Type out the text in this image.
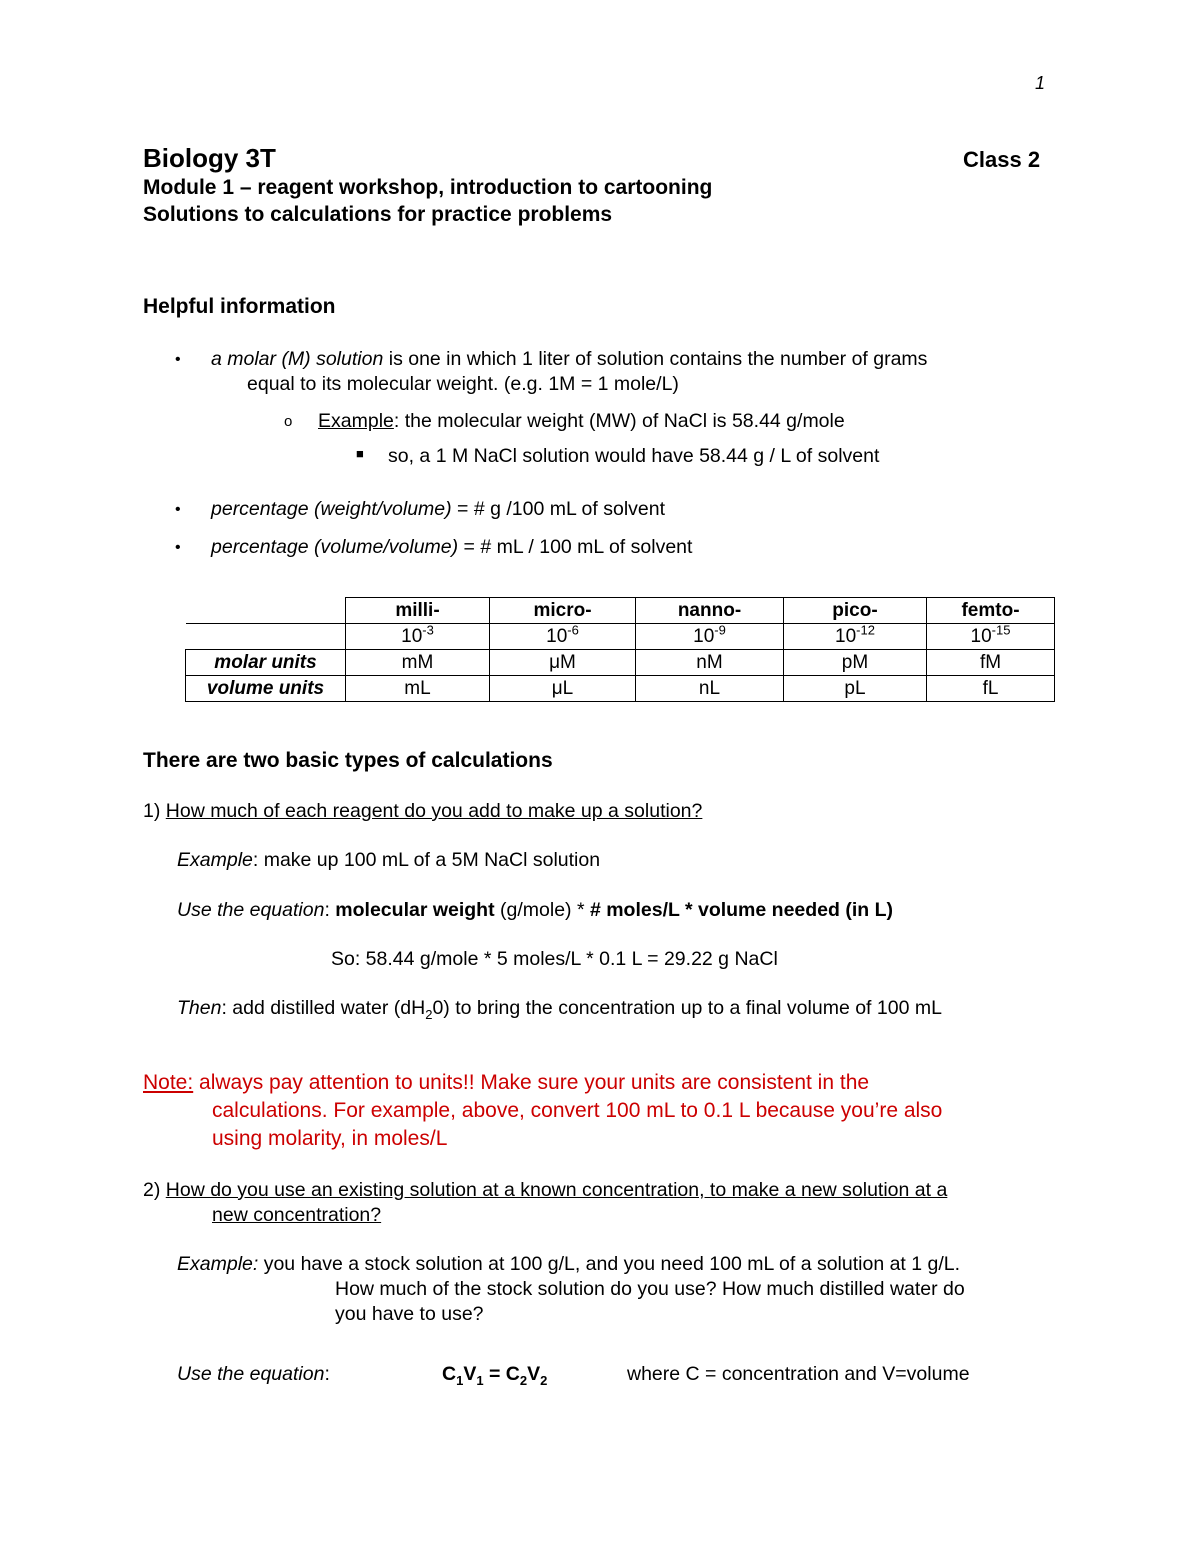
1
Biology 3T	Class 2
Module 1 – reagent workshop, introduction to cartooning
Solutions to calculations for practice problems
Helpful information
• a molar (M) solution is one in which 1 liter of solution contains the number of grams
equal to its molecular weight. (e.g. 1M = 1 mole/L)
o Example: the molecular weight (MW) of NaCl is 58.44 g/mole
■ so, a 1 M NaCl solution would have 58.44 g / L of solvent
• percentage (weight/volume) = # g /100 mL of solvent
• percentage (volume/volume) = # mL / 100 mL of solvent
	milli-	micro-	nanno-	pico-	femto-
	$10^{-3}$	$10^{-6}$	$10^{-9}$	$10^{-12}$	$10^{-15}$
molar units	mM	μM	nM	pM	fM
volume units	mL	μL	nL	pL	fL
There are two basic types of calculations
1) How much of each reagent do you add to make up a solution?
Example: make up 100 mL of a 5M NaCl solution
Use the equation: molecular weight (g/mole) * # moles/L * volume needed (in L)
So: 58.44 g/mole * 5 moles/L * 0.1 L = 29.22 g NaCl
Then: add distilled water $(dH_20)$ to bring the concentration up to a final volume of 100 mL
Note: always pay attention to units!! Make sure your units are consistent in the
calculations. For example, above, convert 100 mL to 0.1 L because you’re also
using molarity, in moles/L
2) How do you use an existing solution at a known concentration, to make a new solution at a
new concentration?
Example: you have a stock solution at 100 g/L, and you need 100 mL of a solution at 1 g/L.
How much of the stock solution do you use? How much distilled water do
you have to use?
Use the equation:	$C_1V_1 = C_2V_2$	where C = concentration and V=volume
